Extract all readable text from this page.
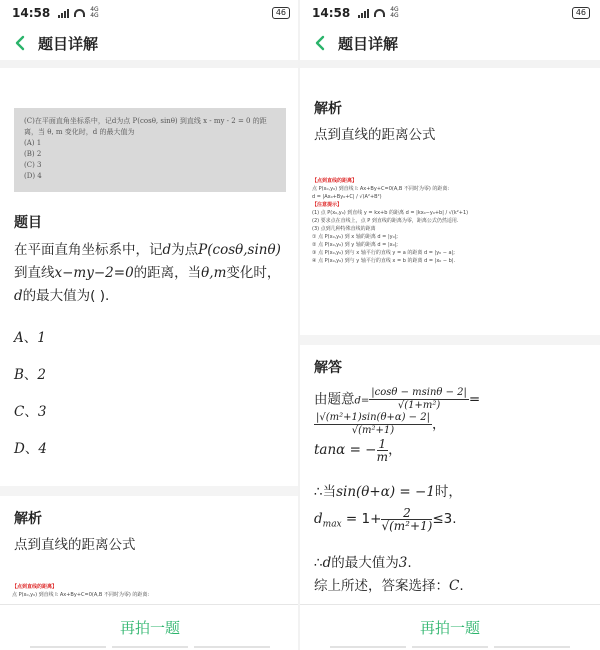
14:58	4G
4G	46
题目详解
(C)在平面直角坐标系中，记d为点 P(cosθ, sinθ) 到直线 x - my - 2 = 0 的距
离，当 θ, m 变化时，d 的最大值为
(A) 1
(B) 2
(C) 3
(D) 4
题目
在平面直角坐标系中，记d为点P(cosθ,sinθ)到直线x−my−2=0的距离，当θ,m变化时，d的最大值为( ).
A、1
B、2
C、3
D、4
解析
点到直线的距离公式
【点到直线的距离】
点 P(x₀,y₀) 到直线 l: Ax+By+C=0(A,B 不同时为零) 的距离:
再拍一题
14:58	4G
4G	46
题目详解
解析
点到直线的距离公式
【点到直线的距离】
点 P(x₀,y₀) 到直线 l: Ax+By+C=0(A,B 不同时为零) 的距离:
d = |Ax₀+By₀+C| / √(A²+B²)
【注意提示】
(1) 点 P(x₀,y₀) 到直线 y = kx+b 的距离 d = |kx₀−y₀+b| / √(k²+1)
(2) 要求点在直线上，点 P 到直线的距离为零，距离公式仍然适用.
(3) 点到几种特殊直线的距离
① 点 P(x₀,y₀) 到 x 轴的距离 d = |y₀|;
② 点 P(x₀,y₀) 到 y 轴的距离 d = |x₀|;
③ 点 P(x₀,y₀) 到与 x 轴平行的直线 y = a 的距离 d = |y₀ − a|;
④ 点 P(x₀,y₀) 到与 y 轴平行的直线 x = b 的距离 d = |x₀ − b|.
解答
由题意$d= \frac{|\cos\theta - msin\theta - 2|}{\text{√(1+m²)}}$ =
$\frac{\text{|√(m²+1)sin(θ+α) − 2|}}{\text{√(m²+1)}}$ ，
tanα = − $\frac{1}{m}$ ，
∴当sin(θ+α) = −1时，
$d_{max} = 1+ \frac{2}{\text{√(m²+1)}} \le 3$.
∴d的最大值为3.
综上所述，答案选择：C.
再拍一题
